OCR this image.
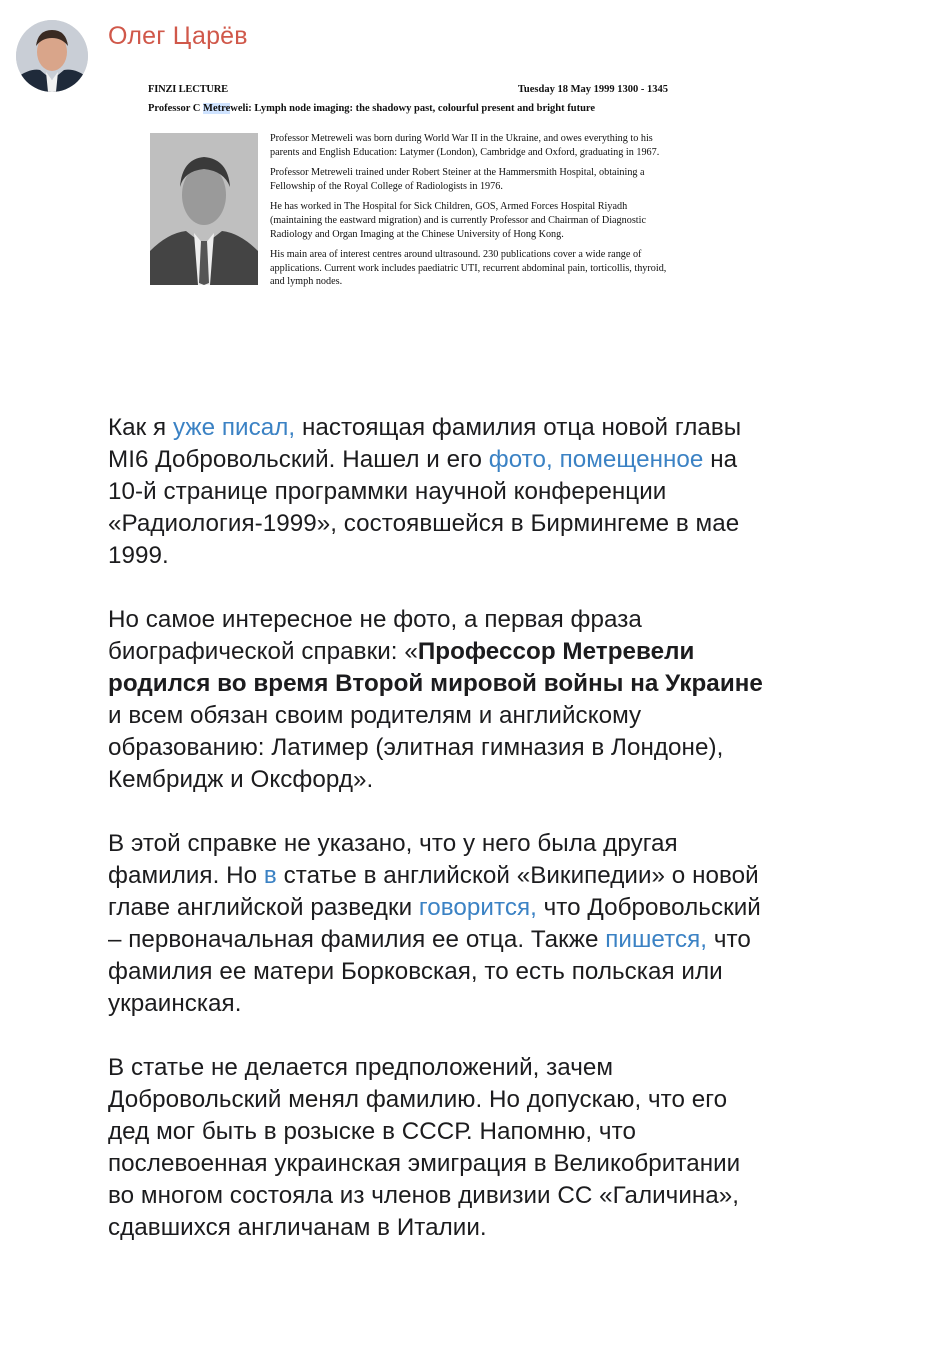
Олег Царёв
FINZI LECTURE	Tuesday 18 May 1999 1300 - 1345
Professor C Metreweli: Lymph node imaging: the shadowy past, colourful present and bright future

Professor Metreweli was born during World War II in the Ukraine, and owes everything to his parents and English Education: Latymer (London), Cambridge and Oxford, graduating in 1967.

Professor Metreweli trained under Robert Steiner at the Hammersmith Hospital, obtaining a Fellowship of the Royal College of Radiologists in 1976.

He has worked in The Hospital for Sick Children, GOS, Armed Forces Hospital Riyadh (maintaining the eastward migration) and is currently Professor and Chairman of Diagnostic Radiology and Organ Imaging at the Chinese University of Hong Kong.

His main area of interest centres around ultrasound. 230 publications cover a wide range of applications. Current work includes paediatric UTI, recurrent abdominal pain, torticollis, thyroid, and lymph nodes.

Как я уже писал, настоящая фамилия отца новой главы MI6 Добровольский. Нашел и его фото, помещенное на 10-й странице программки научной конференции «Радиология-1999», состоявшейся в Бирмингеме в мае 1999.

Но самое интересное не фото, а первая фраза биографической справки: «Профессор Метревели родился во время Второй мировой войны на Украине и всем обязан своим родителям и английскому образованию: Латимер (элитная гимназия в Лондоне), Кембридж и Оксфорд».

В этой справке не указано, что у него была другая фамилия. Но в статье в английской «Википедии» о новой главе английской разведки говорится, что Добровольский – первоначальная фамилия ее отца. Также пишется, что фамилия ее матери Борковская, то есть польская или украинская.

В статье не делается предположений, зачем Добровольский менял фамилию. Но допускаю, что его дед мог быть в розыске в СССР. Напомню, что послевоенная украинская эмиграция в Великобритании во многом состояла из членов дивизии СС «Галичина», сдавшихся англичанам в Италии.
